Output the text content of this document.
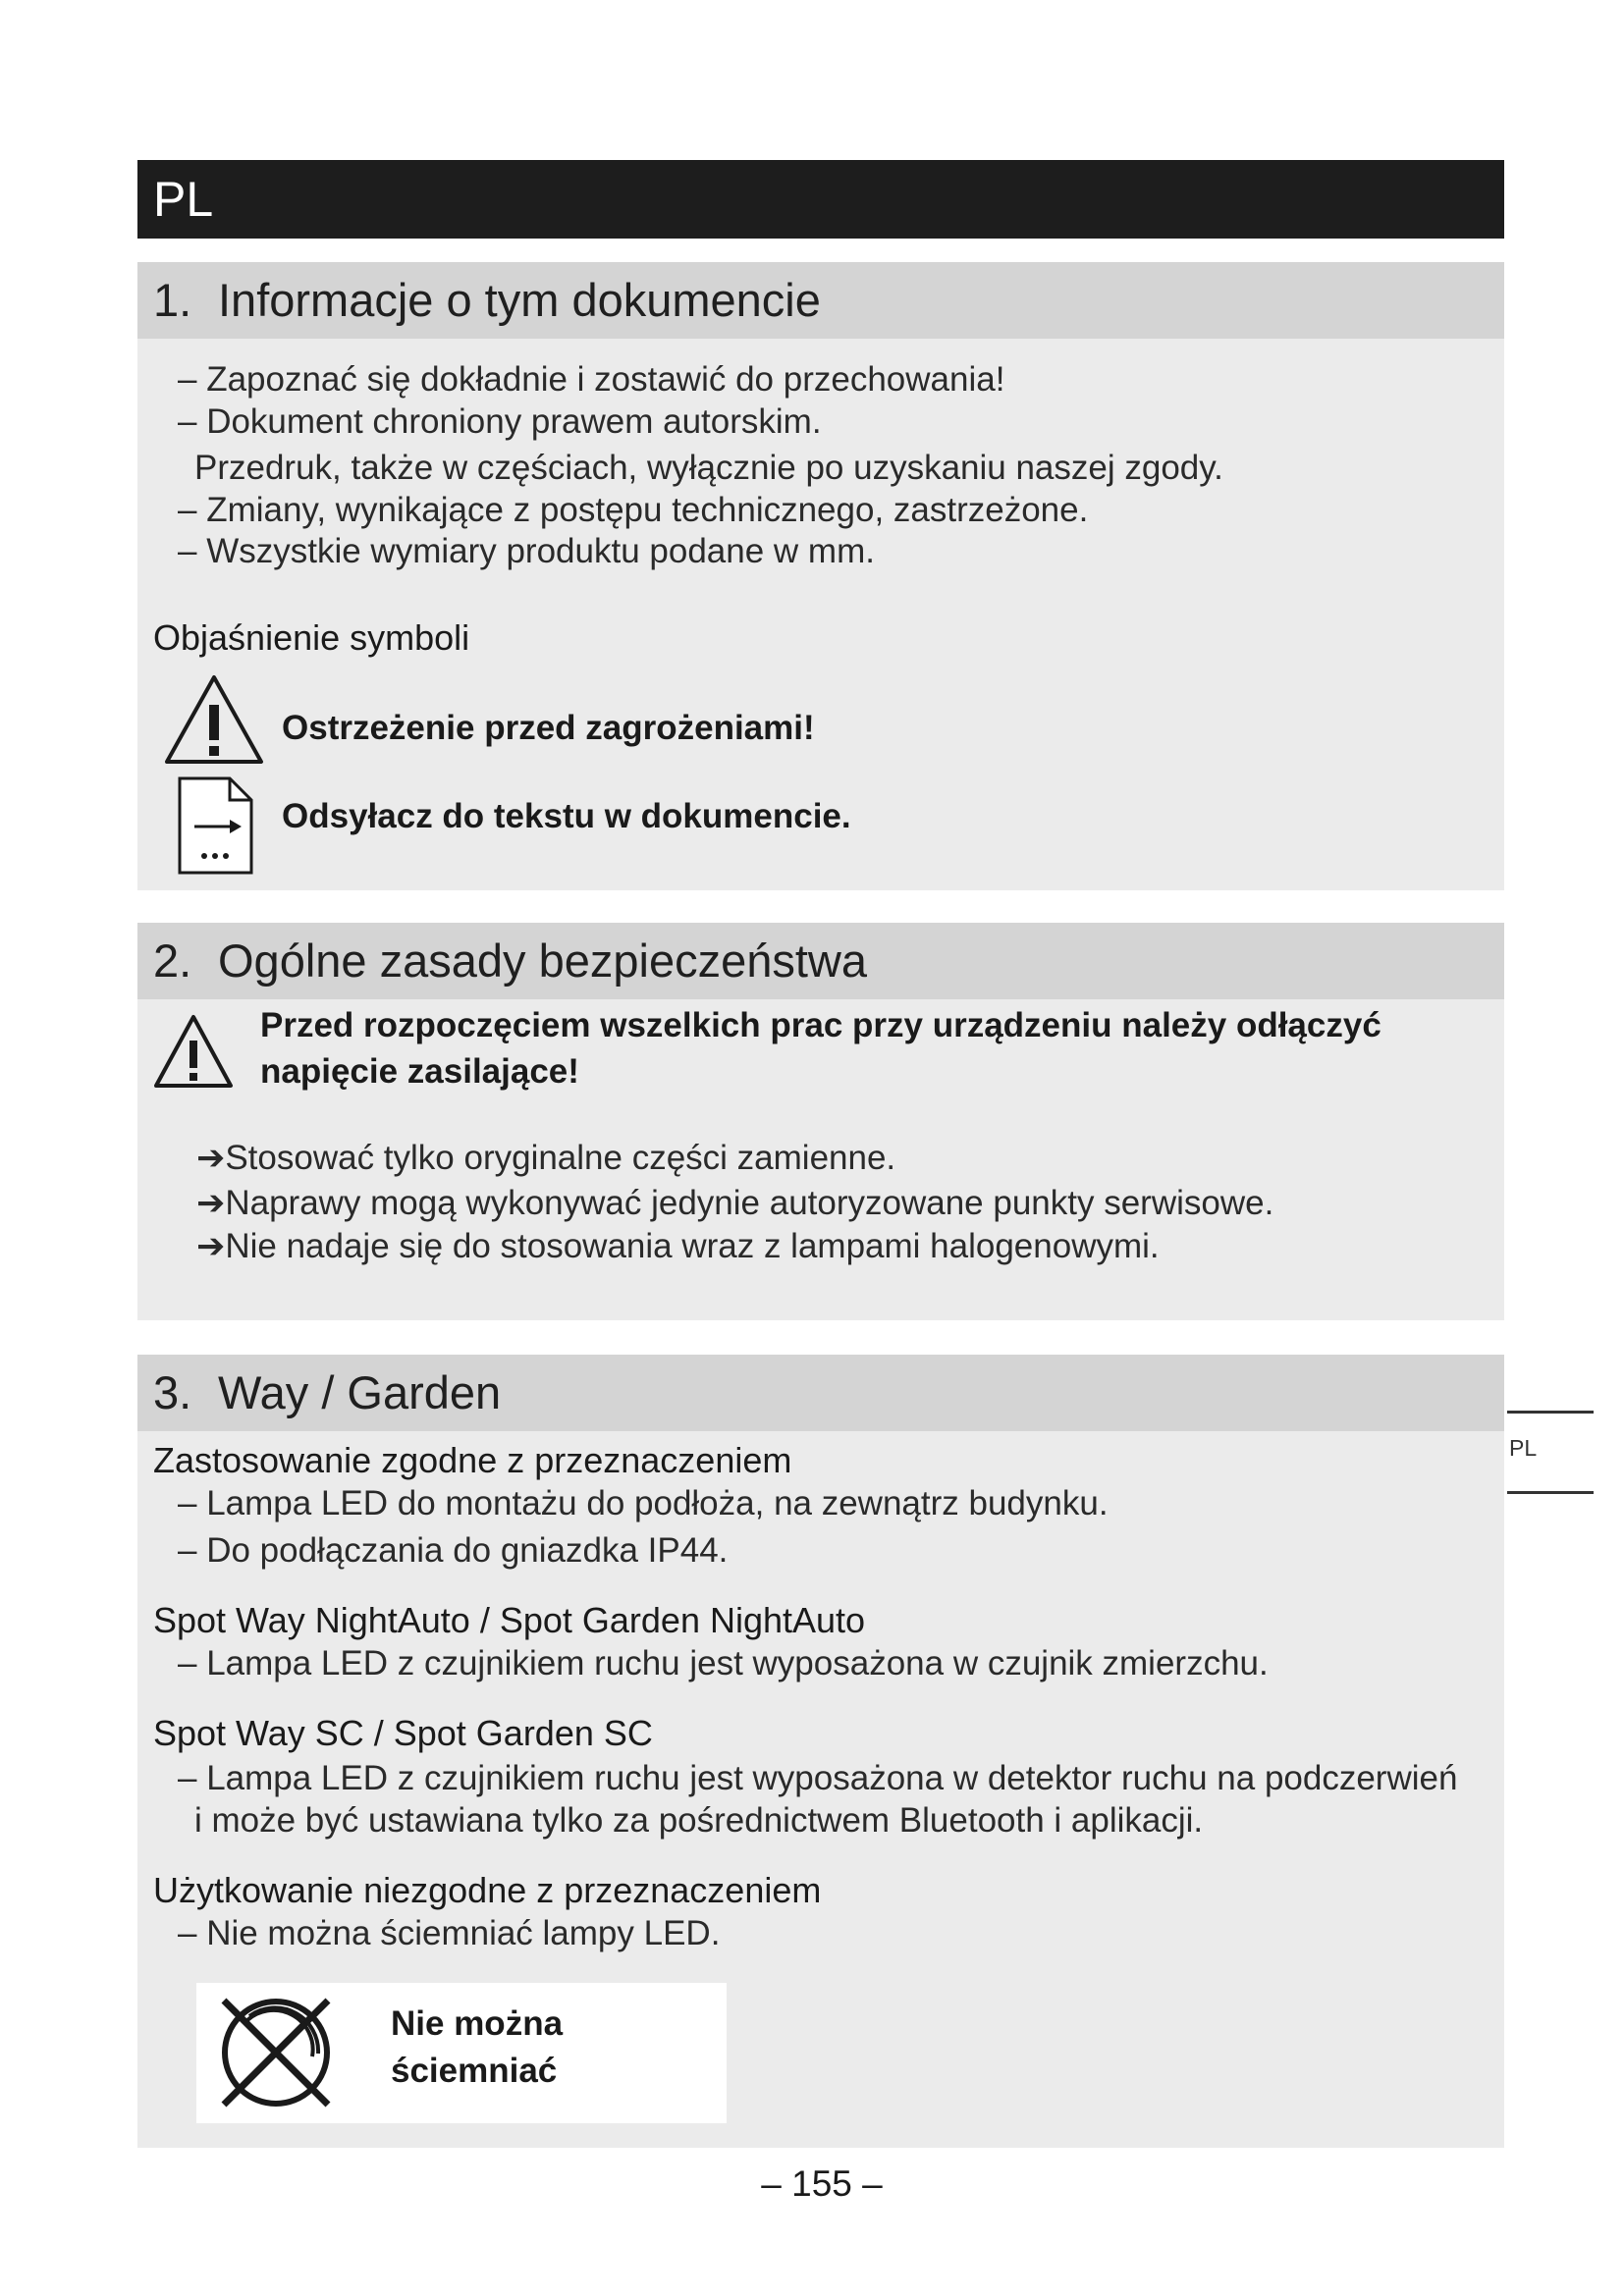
PL
1. Informacje o tym dokumencie
– Zapoznać się dokładnie i zostawić do przechowania!
– Dokument chroniony prawem autorskim.
Przedruk, także w częściach, wyłącznie po uzyskaniu naszej zgody.
– Zmiany, wynikające z postępu technicznego, zastrzeżone.
– Wszystkie wymiary produktu podane w mm.
Objaśnienie symboli
Ostrzeżenie przed zagrożeniami!
Odsyłacz do tekstu w dokumencie.
2. Ogólne zasady bezpieczeństwa
Przed rozpoczęciem wszelkich prac przy urządzeniu należy odłączyć
napięcie zasilające!
➔Stosować tylko oryginalne części zamienne.
➔Naprawy mogą wykonywać jedynie autoryzowane punkty serwisowe.
➔Nie nadaje się do stosowania wraz z lampami halogenowymi.
3. Way / Garden
Zastosowanie zgodne z przeznaczeniem
– Lampa LED do montażu do podłoża, na zewnątrz budynku.
– Do podłączania do gniazdka IP44.
Spot Way NightAuto / Spot Garden NightAuto
– Lampa LED z czujnikiem ruchu jest wyposażona w czujnik zmierzchu.
Spot Way SC / Spot Garden SC
– Lampa LED z czujnikiem ruchu jest wyposażona w detektor ruchu na podczerwień
i może być ustawiana tylko za pośrednictwem Bluetooth i aplikacji.
Użytkowanie niezgodne z przeznaczeniem
– Nie można ściemniać lampy LED.
Nie można
ściemniać
PL
– 155 –
